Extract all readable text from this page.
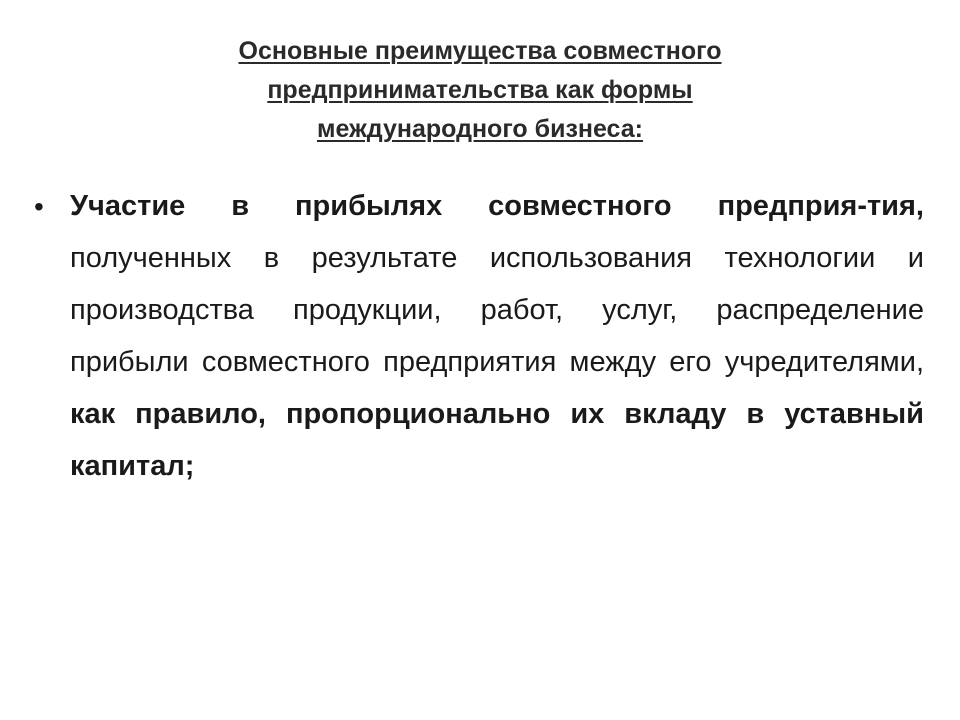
Основные преимущества совместного
предпринимательства как формы
международного бизнеса:
• Участие в прибылях совместного предприя-тия, полученных в результате использования технологии и производства продукции, работ, услуг, распределение прибыли совместного предприятия между его учредителями, как правило, пропорционально их вкладу в уставный капитал;
